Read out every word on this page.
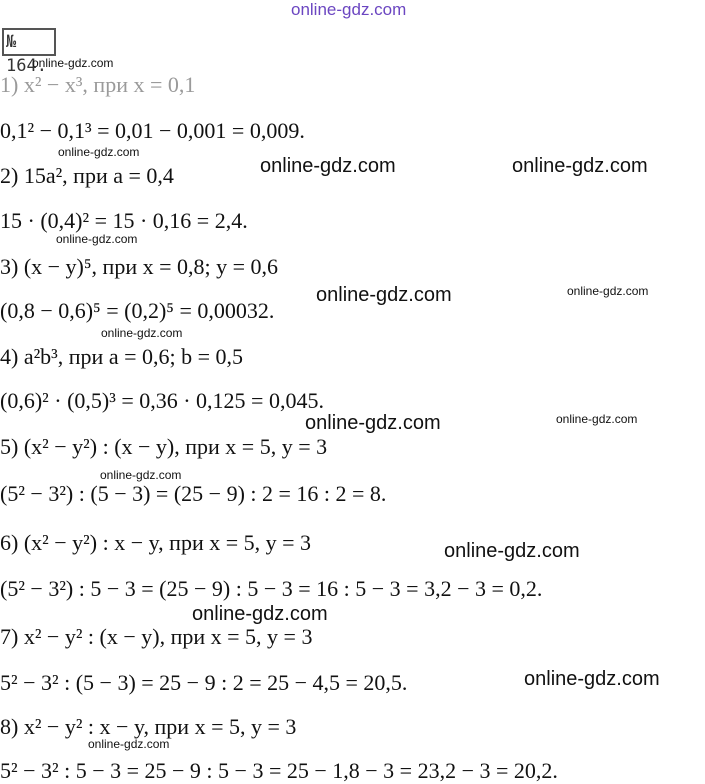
online-gdz.com
№ 164.
1) x² − x³, при x = 0,1
0,1² − 0,1³ = 0,01 − 0,001 = 0,009.
2) 15a², при a = 0,4
15 · (0,4)² = 15 · 0,16 = 2,4.
3) (x − y)⁵, при x = 0,8; y = 0,6
(0,8 − 0,6)⁵ = (0,2)⁵ = 0,00032.
4) a²b³, при a = 0,6; b = 0,5
(0,6)² · (0,5)³ = 0,36 · 0,125 = 0,045.
5) (x² − y²) : (x − y), при x = 5, y = 3
(5² − 3²) : (5 − 3) = (25 − 9) : 2 = 16 : 2 = 8.
6) (x² − y²) : x − y, при x = 5, y = 3
(5² − 3²) : 5 − 3 = (25 − 9) : 5 − 3 = 16 : 5 − 3 = 3,2 − 3 = 0,2.
7) x² − y² : (x − y), при x = 5, y = 3
5² − 3² : (5 − 3) = 25 − 9 : 2 = 25 − 4,5 = 20,5.
8) x² − y² : x − y, при x = 5, y = 3
5² − 3² : 5 − 3 = 25 − 9 : 5 − 3 = 25 − 1,8 − 3 = 23,2 − 3 = 20,2.
online-gdz.com	online-gdz.com
online-gdz.com
online-gdz.com
online-gdz.com
online-gdz.com
online-gdz.com
online-gdz.com
online-gdz.com
online-gdz.com
online-gdz.com
online-gdz.com
online-gdz.com
online-gdz.com
online-gdz.com
